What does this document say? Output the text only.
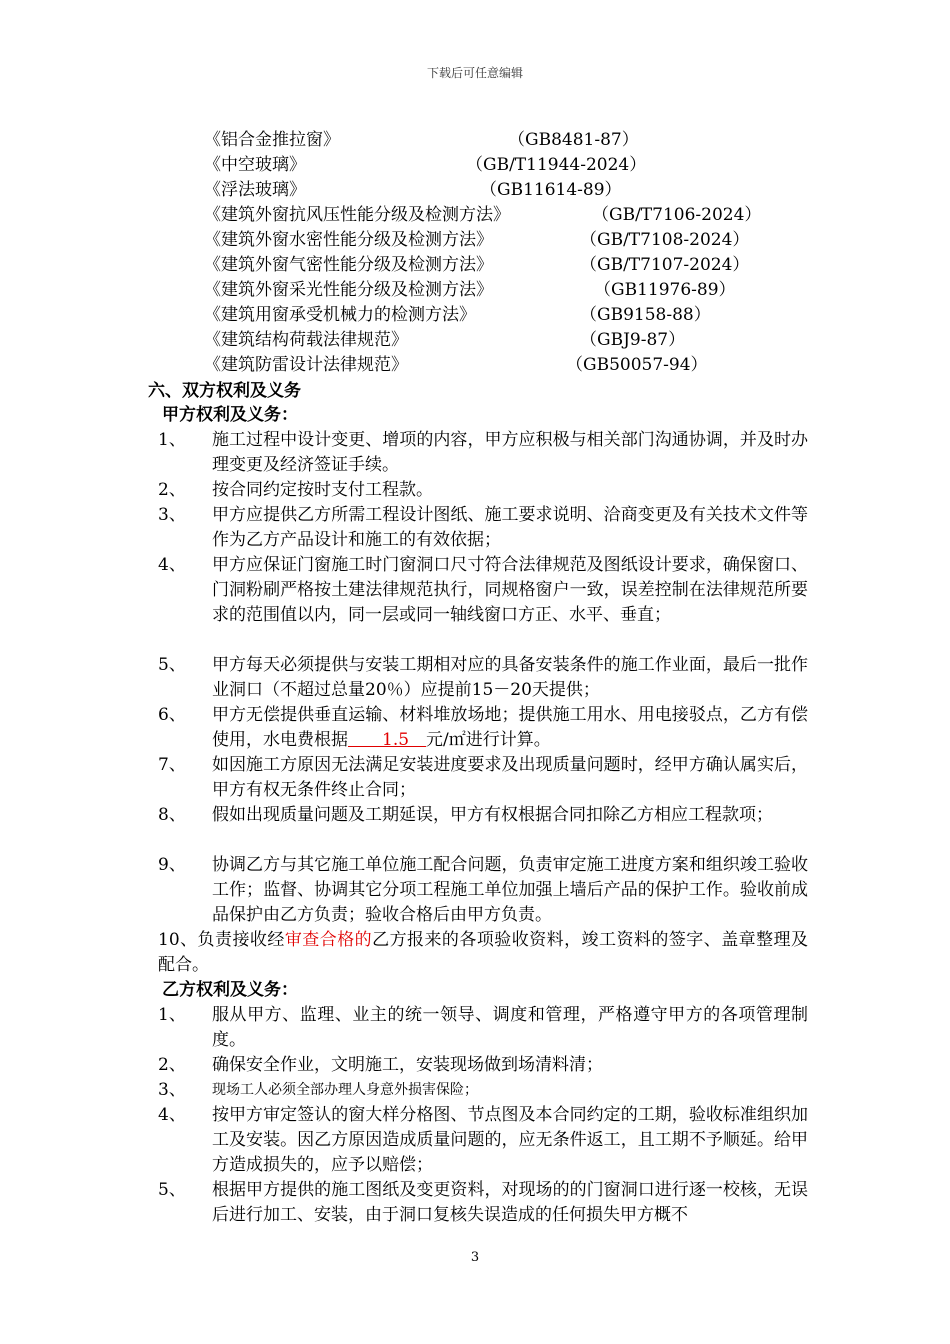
下载后可任意编辑
《铝合金推拉窗》	（GB8481-87）
《中空玻璃》	（GB/T11944-2024）
《浮法玻璃》	（GB11614-89）
《建筑外窗抗风压性能分级及检测方法》	（GB/T7106-2024）
《建筑外窗水密性能分级及检测方法》	（GB/T7108-2024）
《建筑外窗气密性能分级及检测方法》	（GB/T7107-2024）
《建筑外窗采光性能分级及检测方法》	（GB11976-89）
《建筑用窗承受机械力的检测方法》	（GB9158-88）
《建筑结构荷载法律规范》	（GBJ9-87）
《建筑防雷设计法律规范》	（GB50057-94）
六、双方权利及义务
甲方权利及义务：
1、	施工过程中设计变更、增项的内容，甲方应积极与相关部门沟通协调，并及时办理变更及经济签证手续。
2、	按合同约定按时支付工程款。
3、	甲方应提供乙方所需工程设计图纸、施工要求说明、洽商变更及有关技术文件等作为乙方产品设计和施工的有效依据；
4、	甲方应保证门窗施工时门窗洞口尺寸符合法律规范及图纸设计要求，确保窗口、门洞粉刷严格按土建法律规范执行，同规格窗户一致，误差控制在法律规范所要求的范围值以内，同一层或同一轴线窗口方正、水平、垂直；
5、	甲方每天必须提供与安装工期相对应的具备安装条件的施工作业面，最后一批作业洞口（不超过总量20％）应提前15－20天提供；
6、	甲方无偿提供垂直运输、材料堆放场地；提供施工用水、用电接驳点，乙方有偿使用，水电费根据　　1.5　元/㎡进行计算。
7、	如因施工方原因无法满足安装进度要求及出现质量问题时，经甲方确认属实后，甲方有权无条件终止合同；
8、	假如出现质量问题及工期延误，甲方有权根据合同扣除乙方相应工程款项；
9、	协调乙方与其它施工单位施工配合问题，负责审定施工进度方案和组织竣工验收工作；监督、协调其它分项工程施工单位加强上墙后产品的保护工作。验收前成品保护由乙方负责；验收合格后由甲方负责。
10、负责接收经审查合格的乙方报来的各项验收资料，竣工资料的签字、盖章整理及配合。
乙方权利及义务：
1、	服从甲方、监理、业主的统一领导、调度和管理，严格遵守甲方的各项管理制度。
2、	确保安全作业，文明施工，安装现场做到场清料清；
3、	现场工人必须全部办理人身意外损害保险；
4、	按甲方审定签认的窗大样分格图、节点图及本合同约定的工期，验收标准组织加工及安装。因乙方原因造成质量问题的，应无条件返工，且工期不予顺延。给甲方造成损失的，应予以赔偿；
5、	根据甲方提供的施工图纸及变更资料，对现场的的门窗洞口进行逐一校核，无误后进行加工、安装，由于洞口复核失误造成的任何损失甲方概不
3
